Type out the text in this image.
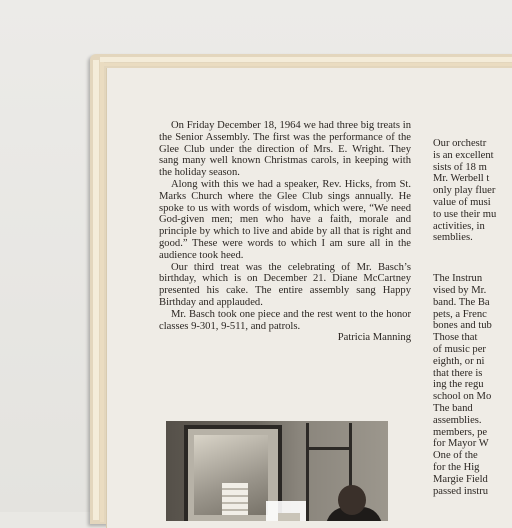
On Friday December 18, 1964 we had three big treats in the Senior Assembly. The first was the performance of the Glee Club under the direction of Mrs. E. Wright. They sang many well known Christmas carols, in keeping with the holiday season.

Along with this we had a speaker, Rev. Hicks, from St. Marks Church where the Glee Club sings annually. He spoke to us with words of wisdom, which were, “We need God-given men; men who have a faith, morale and principle by which to live and abide by all that is right and good.” These were words to which I am sure all in the audience took heed.

Our third treat was the celebrating of Mr. Basch’s birthday, which is on December 21. Diane McCartney presented his cake. The entire assembly sang Happy Birthday and applauded.

Mr. Basch took one piece and the rest went to the honor classes 9-301, 9-511, and patrols.

Patricia Manning

Our orchestr
is an excellent
sists of 18 m
Mr. Werbell t
only play fluer
value of musi
to use their mu
activities, in
semblies.
The Instrun
vised by Mr.
band. The Ba
pets, a Frenc
bones and tub
Those that
of music per
eighth, or ni
that there is
ing the regu
school on Mo
The band
assemblies.
members, pe
for Mayor W
One of the
for the Hig
Margie Field
passed instru
